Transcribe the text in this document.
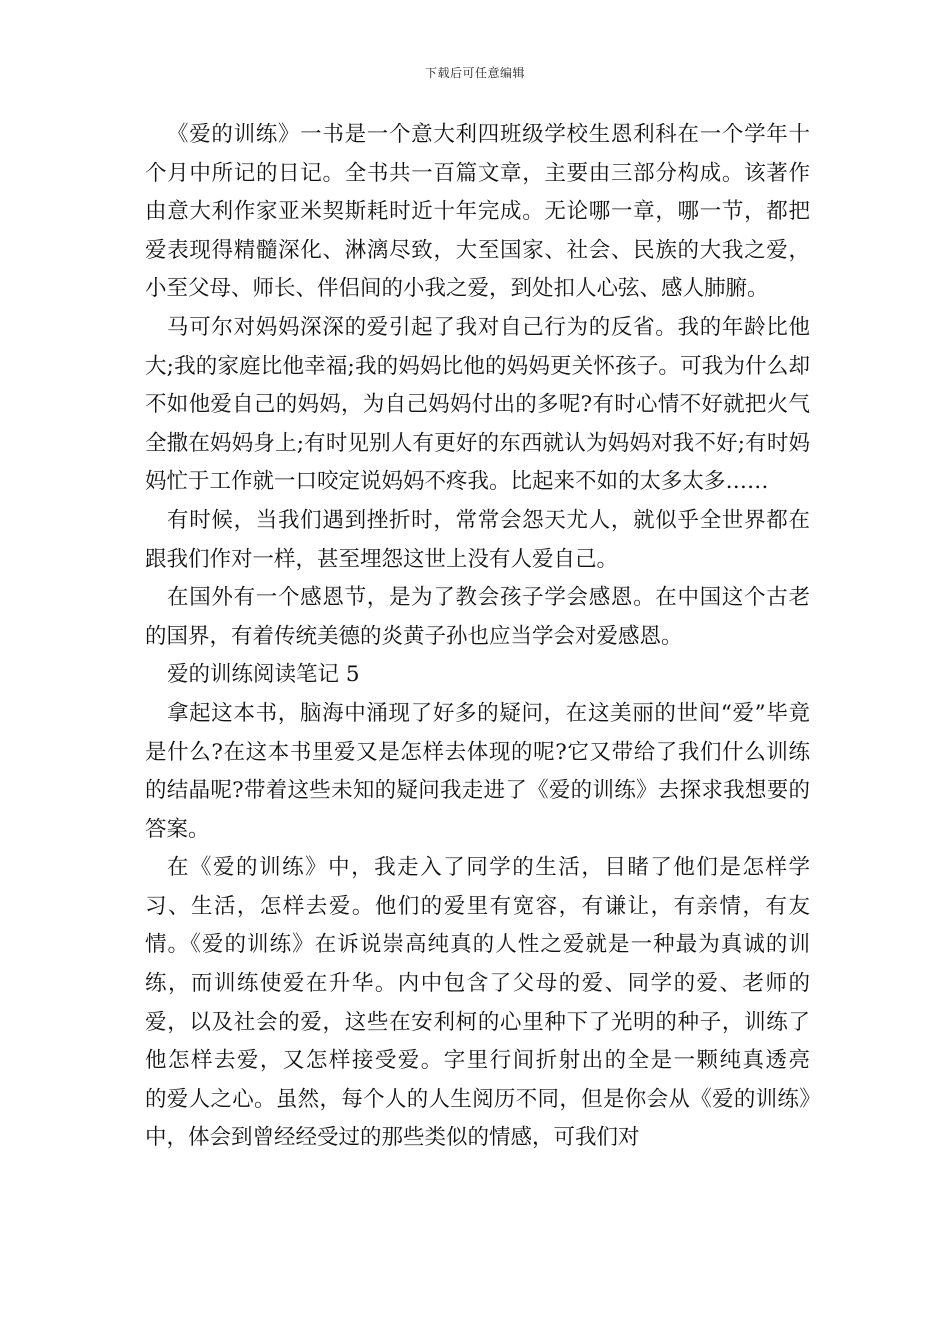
下载后可任意编辑

《爱的训练》一书是一个意大利四班级学校生恩利科在一个学年十个月中所记的日记。全书共一百篇文章，主要由三部分构成。该著作由意大利作家亚米契斯耗时近十年完成。无论哪一章，哪一节，都把爱表现得精髓深化、淋漓尽致，大至国家、社会、民族的大我之爱，小至父母、师长、伴侣间的小我之爱，到处扣人心弦、感人肺腑。

马可尔对妈妈深深的爱引起了我对自己行为的反省。我的年龄比他大;我的家庭比他幸福;我的妈妈比他的妈妈更关怀孩子。可我为什么却不如他爱自己的妈妈，为自己妈妈付出的多呢?有时心情不好就把火气全撒在妈妈身上;有时见别人有更好的东西就认为妈妈对我不好;有时妈妈忙于工作就一口咬定说妈妈不疼我。比起来不如的太多太多……

有时候，当我们遇到挫折时，常常会怨天尤人，就似乎全世界都在跟我们作对一样，甚至埋怨这世上没有人爱自己。

在国外有一个感恩节，是为了教会孩子学会感恩。在中国这个古老的国界，有着传统美德的炎黄子孙也应当学会对爱感恩。

爱的训练阅读笔记 5

拿起这本书，脑海中涌现了好多的疑问，在这美丽的世间“爱”毕竟是什么?在这本书里爱又是怎样去体现的呢?它又带给了我们什么训练的结晶呢?带着这些未知的疑问我走进了《爱的训练》去探求我想要的答案。

在《爱的训练》中，我走入了同学的生活，目睹了他们是怎样学习、生活，怎样去爱。他们的爱里有宽容，有谦让，有亲情，有友情。《爱的训练》在诉说崇高纯真的人性之爱就是一种最为真诚的训练，而训练使爱在升华。内中包含了父母的爱、同学的爱、老师的爱，以及社会的爱，这些在安利柯的心里种下了光明的种子，训练了他怎样去爱，又怎样接受爱。字里行间折射出的全是一颗纯真透亮　 的爱人之心。虽然，每个人的人生阅历不同，但是你会从《爱的训练》中，体会到曾经经受过的那些类似的情感，可我们对
